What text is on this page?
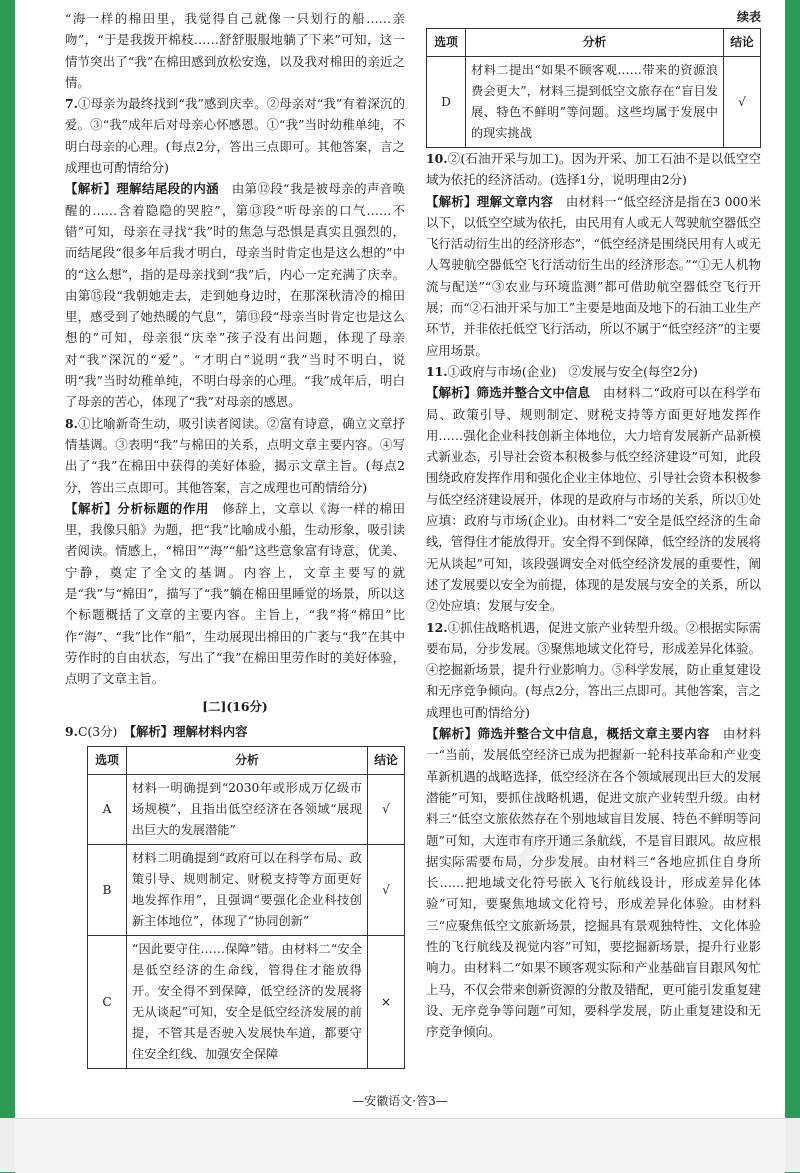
“海一样的棉田里，我觉得自己就像一只划行的船……亲吻”，“于是我拨开棉枝……舒舒服服地躺了下来”可知，这一情节突出了“我”在棉田感到放松安逸，以及我对棉田的亲近之情。

7.①母亲为最终找到“我”感到庆幸。②母亲对“我”有着深沉的爱。③“我”成年后对母亲心怀感恩。①“我”当时幼稚单纯，不明白母亲的心理。(每点2分，答出三点即可。其他答案，言之成理也可酌情给分)

【解析】理解结尾段的内涵　 由第⑫段“我是被母亲的声音唤醒的……含着隐隐的哭腔”，第⑬段“听母亲的口气……不错”可知，母亲在寻找“我”时的焦急与恐惧是真实且强烈的，而结尾段“很多年后我才明白，母亲当时肯定也是这么想的”中的“这么想”，指的是母亲找到“我”后，内心一定充满了庆幸。由第⑮段“我朝她走去，走到她身边时，在那深秋清冷的棉田里，感受到了她热暖的气息”，第⑬段“母亲当时肯定也是这么想的”可知，母亲很“庆幸”孩子没有出问题，体现了母亲对“我”深沉的“爱”。“才明白”说明“我”当时不明白，说明“我”当时幼稚单纯，不明白母亲的心理。“我”成年后，明白了母亲的苦心，体现了“我”对母亲的感恩。

8.①比喻新奇生动，吸引读者阅读。②富有诗意，确立文章抒情基调。③表明“我”与棉田的关系，点明文章主要内容。④写出了“我”在棉田中获得的美好体验，揭示文章主旨。(每点2分，答出三点即可。其他答案，言之成理也可酌情给分)

【解析】分析标题的作用　 修辞上，文章以《海一样的棉田里，我像只船》为题，把“我”比喻成小船，生动形象，吸引读者阅读。情感上，“棉田”“海”“船”这些意象富有诗意，优美、宁静，奠定了全文的基调。内容上，文章主要写的就是“我”与“棉田”，描写了“我”躺在棉田里睡觉的场景，所以这个标题概括了文章的主要内容。主旨上，“我”将“棉田”比作“海”、“我”比作“船”，生动展现出棉田的广袤与“我”在其中劳作时的自由状态，写出了“我”在棉田里劳作时的美好体验，点明了文章主旨。

[二](16分)

9.C(3分)　 【解析】理解材料内容

选项	分析	结论
A	材料一明确提到“2030年或形成万亿级市场规模”，且指出低空经济在各领域“展现出巨大的发展潜能”	√
B	材料二明确提到“政府可以在科学布局、政策引导、规则制定、财税支持等方面更好地发挥作用”，且强调“要强化企业科技创新主体地位”，体现了“协同创新”	√
C	“因此要守住……保障”错。由材料二“安全是低空经济的生命线，管得住才能放得开。安全得不到保障，低空经济的发展将无从谈起”可知，安全是低空经济发展的前提，不管其是否驶入发展快车道，都要守住安全红线、加强安全保障	×
续表
选项	分析	结论
D	材料二提出“如果不顾客观……带来的资源浪费会更大”，材料三提到低空文旅存在“盲目发展、特色不鲜明”等问题。这些均属于发展中的现实挑战	√

10.②(石油开采与加工)。因为开采、加工石油不是以低空空域为依托的经济活动。(选择1分，说明理由2分)

【解析】理解文章内容　 由材料一“低空经济是指在3 000米以下，以低空空域为依托，由民用有人或无人驾驶航空器低空飞行活动衍生出的经济形态”，“低空经济是围绕民用有人或无人驾驶航空器低空飞行活动衍生出的经济形态。”“①无人机物流与配送”“③农业与环境监测”都可借助航空器低空飞行开展；而“②石油开采与加工”主要是地面及地下的石油工业生产环节，并非依托低空飞行活动，所以不属于“低空经济”的主要应用场景。

11.①政府与市场(企业)　②发展与安全(每空2分)

【解析】筛选并整合文中信息　 由材料二“政府可以在科学布局、政策引导、规则制定、财税支持等方面更好地发挥作用……强化企业科技创新主体地位，大力培育发展新产品新模式新业态，引导社会资本积极参与低空经济建设”可知，此段围绕政府发挥作用和强化企业主体地位、引导社会资本积极参与低空经济建设展开，体现的是政府与市场的关系，所以①处应填：政府与市场(企业)。由材料二“安全是低空经济的生命线，管得住才能放得开。安全得不到保障，低空经济的发展将无从谈起”可知，该段强调安全对低空经济发展的重要性，阐述了发展要以安全为前提，体现的是发展与安全的关系，所以②处应填：发展与安全。

12.①抓住战略机遇，促进文旅产业转型升级。②根据实际需要布局，分步发展。③聚焦地域文化符号，形成差异化体验。④挖掘新场景，提升行业影响力。⑤科学发展，防止重复建设和无序竞争倾向。(每点2分，答出三点即可。其他答案，言之成理也可酌情给分)

【解析】筛选并整合文中信息，概括文章主要内容　 由材料一“当前，发展低空经济已成为把握新一轮科技革命和产业变革新机遇的战略选择，低空经济在各个领域展现出巨大的发展潜能”可知，要抓住战略机遇，促进文旅产业转型升级。由材料三“低空文旅依然存在个别地域盲目发展、特色不鲜明等问题”可知，大连市有序开通三条航线，不是盲目跟风。故应根据实际需要布局，分步发展。由材料三“各地应抓住自身所长……把地域文化符号嵌入飞行航线设计，形成差异化体验”可知，要聚焦地域文化符号，形成差异化体验。由材料三“应聚焦低空文旅新场景，挖掘具有景观独特性、文化体验性的飞行航线及视觉内容”可知，要挖掘新场景，提升行业影响力。由材料二“如果不顾客观实际和产业基础盲目跟风匆忙上马，不仅会带来创新资源的分散及错配，更可能引发重复建设、无序竞争等问题”可知，要科学发展，防止重复建设和无序竞争倾向。

38
—安徽语文·答3—
